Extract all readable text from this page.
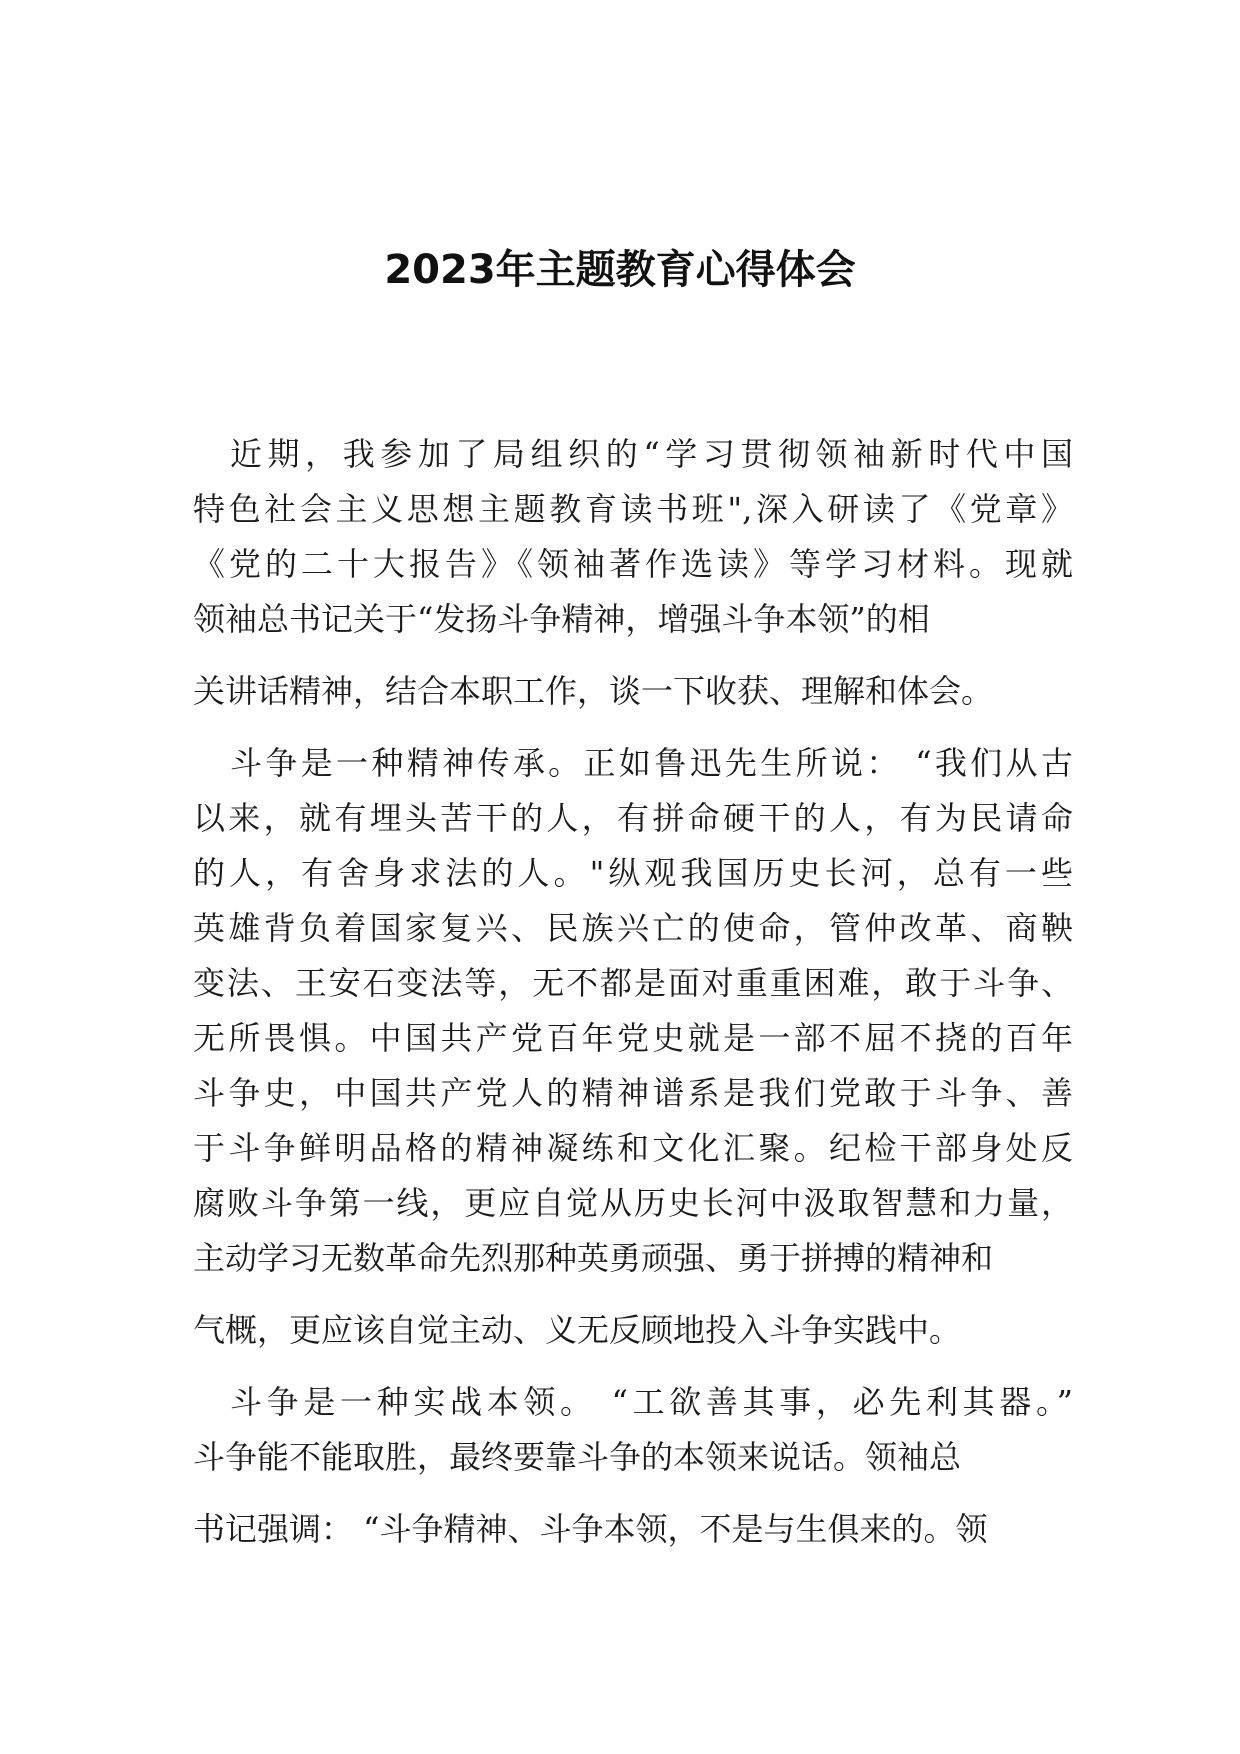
2023年主题教育心得体会

近期，我参加了局组织的“学习贯彻领袖新时代中国

特色社会主义思想主题教育读书班",深入研读了《党章》

《党的二十大报告》《领袖著作选读》等学习材料。现就

领袖总书记关于“发扬斗争精神，增强斗争本领”的相

关讲话精神，结合本职工作，谈一下收获、理解和体会。

斗争是一种精神传承。正如鲁迅先生所说： “我们从古

以来，就有埋头苦干的人，有拼命硬干的人，有为民请命

的人，有舍身求法的人。"纵观我国历史长河，总有一些

英雄背负着国家复兴、民族兴亡的使命，管仲改革、商鞅

变法、王安石变法等，无不都是面对重重困难，敢于斗争、

无所畏惧。中国共产党百年党史就是一部不屈不挠的百年

斗争史，中国共产党人的精神谱系是我们党敢于斗争、善

于斗争鲜明品格的精神凝练和文化汇聚。纪检干部身处反

腐败斗争第一线，更应自觉从历史长河中汲取智慧和力量，

主动学习无数革命先烈那种英勇顽强、勇于拼搏的精神和

气概，更应该自觉主动、义无反顾地投入斗争实践中。

斗争是一种实战本领。 “工欲善其事，必先利其器。”

斗争能不能取胜，最终要靠斗争的本领来说话。领袖总

书记强调： “斗争精神、斗争本领，不是与生俱来的。领
